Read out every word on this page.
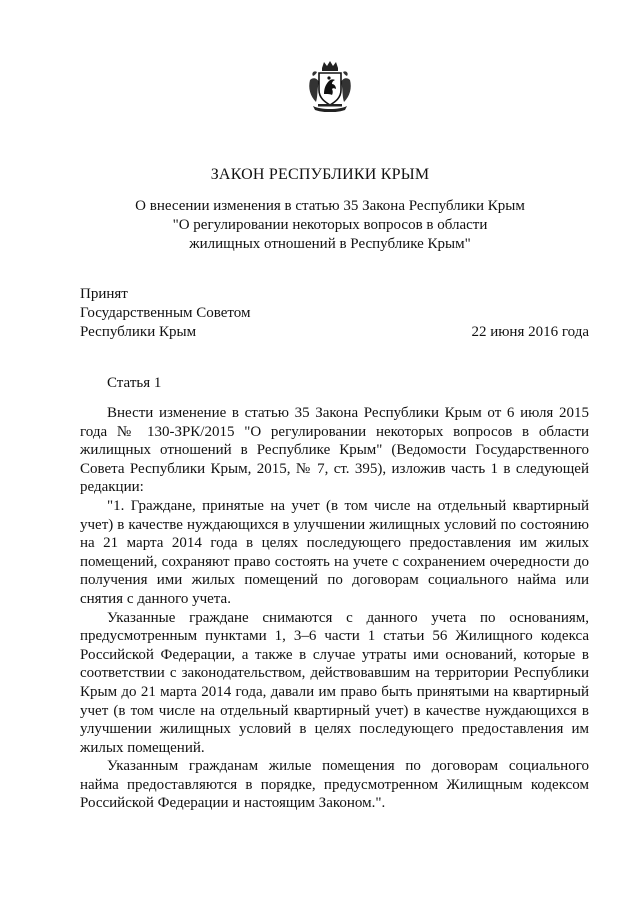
ЗАКОН РЕСПУБЛИКИ КРЫМ
О внесении изменения в статью 35 Закона Республики Крым
"О регулировании некоторых вопросов в области
жилищных отношений в Республике Крым"
Принят
Государственным Советом
Республики Крым	22 июня 2016 года
Статья 1

Внести изменение в статью 35 Закона Республики Крым от 6 июля 2015 года № 130-ЗРК/2015 "О регулировании некоторых вопросов в области жилищных отношений в Республике Крым" (Ведомости Государственного Совета Республики Крым, 2015, № 7, ст. 395), изложив часть 1 в следующей редакции:

"1. Граждане, принятые на учет (в том числе на отдельный квартирный учет) в качестве нуждающихся в улучшении жилищных условий по состоянию на 21 марта 2014 года в целях последующего предоставления им жилых помещений, сохраняют право состоять на учете с сохранением очередности до получения ими жилых помещений по договорам социального найма или снятия с данного учета.

Указанные граждане снимаются с данного учета по основаниям, предусмотренным пунктами 1, 3–6 части 1 статьи 56 Жилищного кодекса Российской Федерации, а также в случае утраты ими оснований, которые в соответствии с законодательством, действовавшим на территории Республики Крым до 21 марта 2014 года, давали им право быть принятыми на квартирный учет (в том числе на отдельный квартирный учет) в качестве нуждающихся в улучшении жилищных условий в целях последующего предоставления им жилых помещений.

Указанным гражданам жилые помещения по договорам социального найма предоставляются в порядке, предусмотренном Жилищным кодексом Российской Федерации и настоящим Законом.".
